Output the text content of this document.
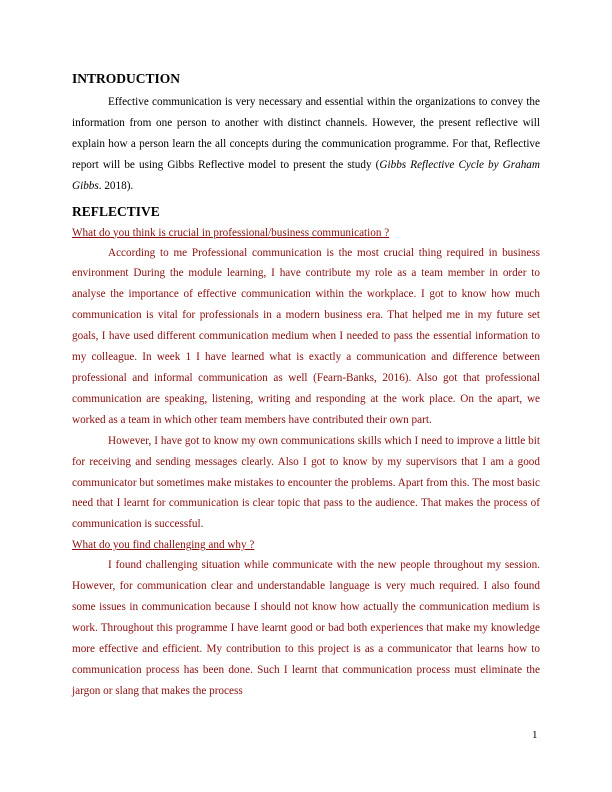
INTRODUCTION

Effective communication is very necessary and essential within the organizations to convey the information from one person to another with distinct channels. However, the present reflective will explain how a person learn the all concepts during the communication programme. For that, Reflective report will be using Gibbs Reflective model to present the study (Gibbs Reflective Cycle by Graham Gibbs. 2018).

REFLECTIVE

What do you think is crucial in professional/business communication ?

According to me Professional communication is the most crucial thing required in business environment During the module learning, I have contribute my role as a team member in order to analyse the importance of effective communication within the workplace. I got to know how much communication is vital for professionals in a modern business era. That helped me in my future set goals, I have used different communication medium when I needed to pass the essential information to my colleague. In week 1 I have learned what is exactly a communication and difference between professional and informal communication as well (Fearn-Banks, 2016). Also got that professional communication are speaking, listening, writing and responding at the work place. On the apart, we worked as a team in which other team members have contributed their own part.

However, I have got to know my own communications skills which I need to improve a little bit for receiving and sending messages clearly. Also I got to know by my supervisors that I am a good communicator but sometimes make mistakes to encounter the problems. Apart from this. The most basic need that I learnt for communication is clear topic that pass to the audience. That makes the process of communication is successful.

What do you find challenging and why ?

I found challenging situation while communicate with the new people throughout my session. However, for communication clear and understandable language is very much required. I also found some issues in communication because I should not know how actually the communication medium is work. Throughout this programme I have learnt good or bad both experiences that make my knowledge more effective and efficient. My contribution to this project is as a communicator that learns how to communication process has been done. Such I learnt that communication process must eliminate the jargon or slang that makes the process

1
